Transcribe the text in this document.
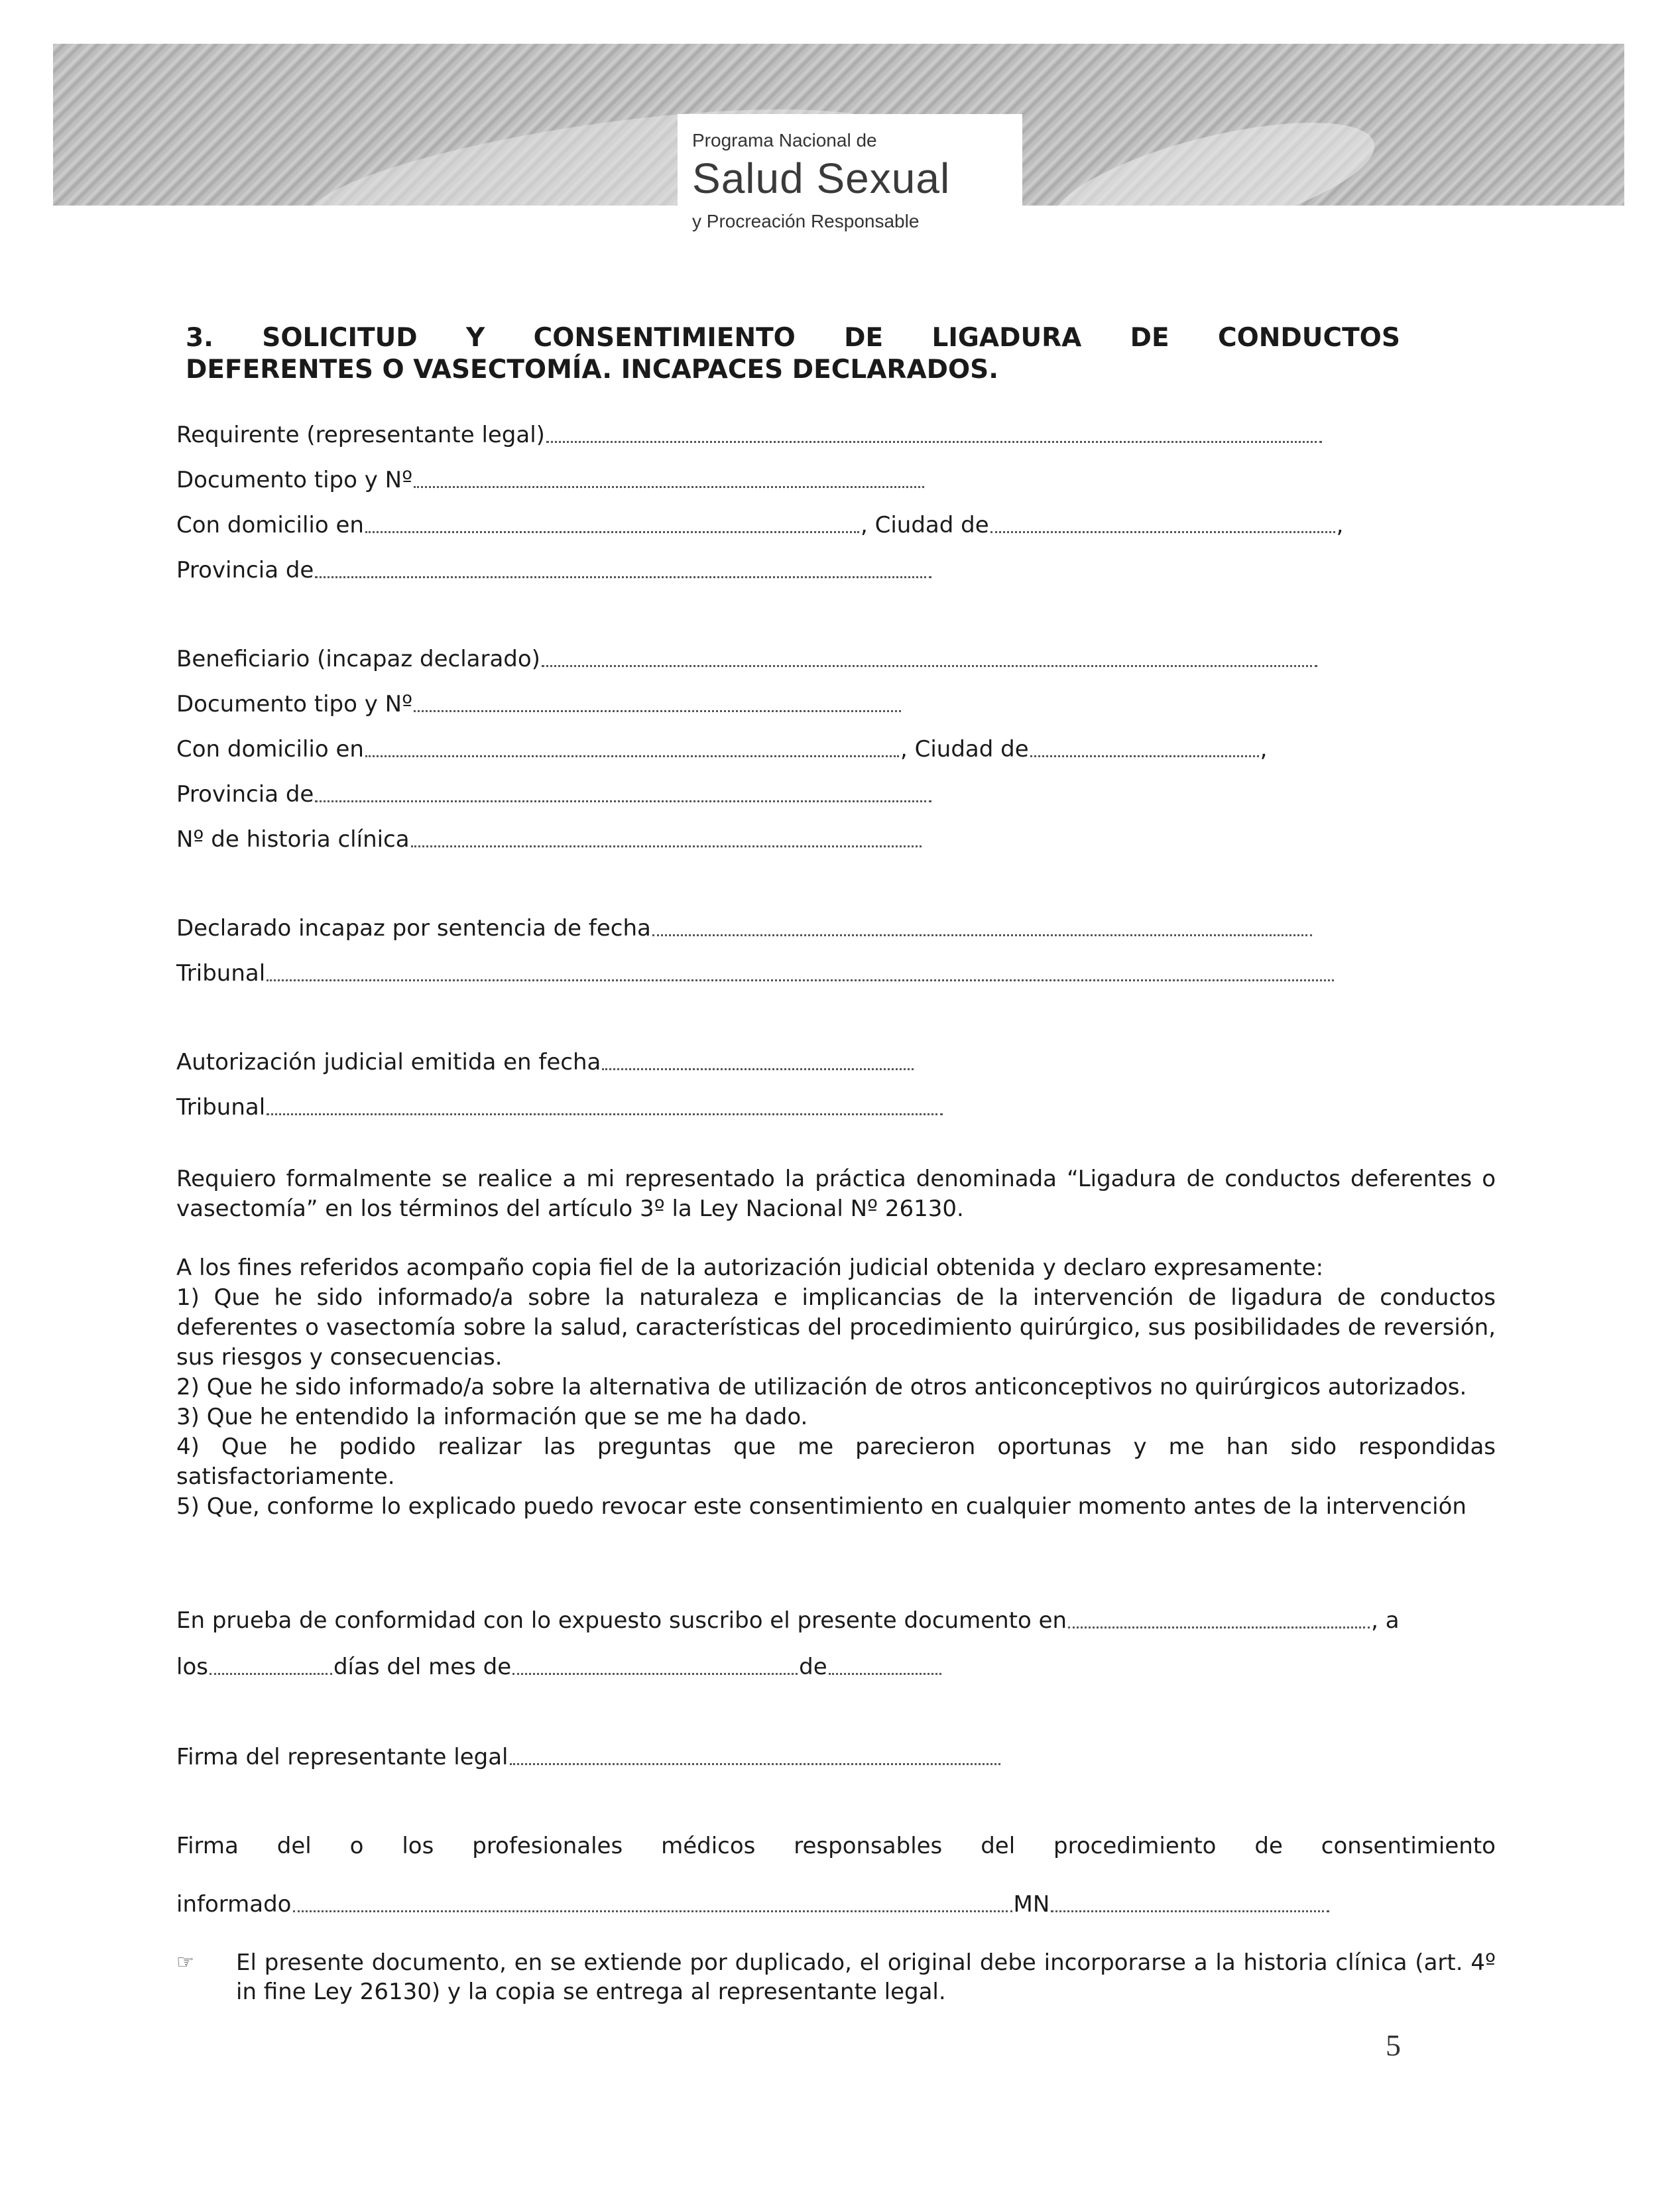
Programa Nacional de
Salud Sexual
y Procreación Responsable
3. SOLICITUD Y CONSENTIMIENTO DE LIGADURA DE CONDUCTOS
DEFERENTES O VASECTOMÍA. INCAPACES DECLARADOS.
Requirente (representante legal)
Documento tipo y Nº
Con domicilio en	, Ciudad de	,
Provincia de
Beneficiario (incapaz declarado)
Documento tipo y Nº
Con domicilio en	, Ciudad de	,
Provincia de
Nº de historia clínica
Declarado incapaz por sentencia de fecha
Tribunal
Autorización judicial emitida en fecha
Tribunal

Requiero formalmente se realice a mi representado la práctica denominada “Ligadura de conductos deferentes o vasectomía” en los términos del artículo 3º la Ley Nacional Nº 26130.

A los fines referidos acompaño copia fiel de la autorización judicial obtenida y declaro expresamente:

1) Que he sido informado/a sobre la naturaleza e implicancias de la intervención de ligadura de conductos deferentes o vasectomía sobre la salud, características del procedimiento quirúrgico, sus posibilidades de reversión, sus riesgos y consecuencias.

2) Que he sido informado/a sobre la alternativa de utilización de otros anticonceptivos no quirúrgicos autorizados.

3) Que he entendido la información que se me ha dado.

4) Que he podido realizar las preguntas que me parecieron oportunas y me han sido respondidas satisfactoriamente.

5) Que, conforme lo explicado puedo revocar este consentimiento en cualquier momento antes de la intervención

En prueba de conformidad con lo expuesto suscribo el presente documento en	, a
los	días del mes de	de
Firma del representante legal
Firma del o los profesionales médicos responsables del procedimiento de consentimiento
informado	MN
☞	El presente documento, en se extiende por duplicado, el original debe incorporarse a la historia clínica (art. 4º in fine Ley 26130) y la copia se entrega al representante legal.
5
